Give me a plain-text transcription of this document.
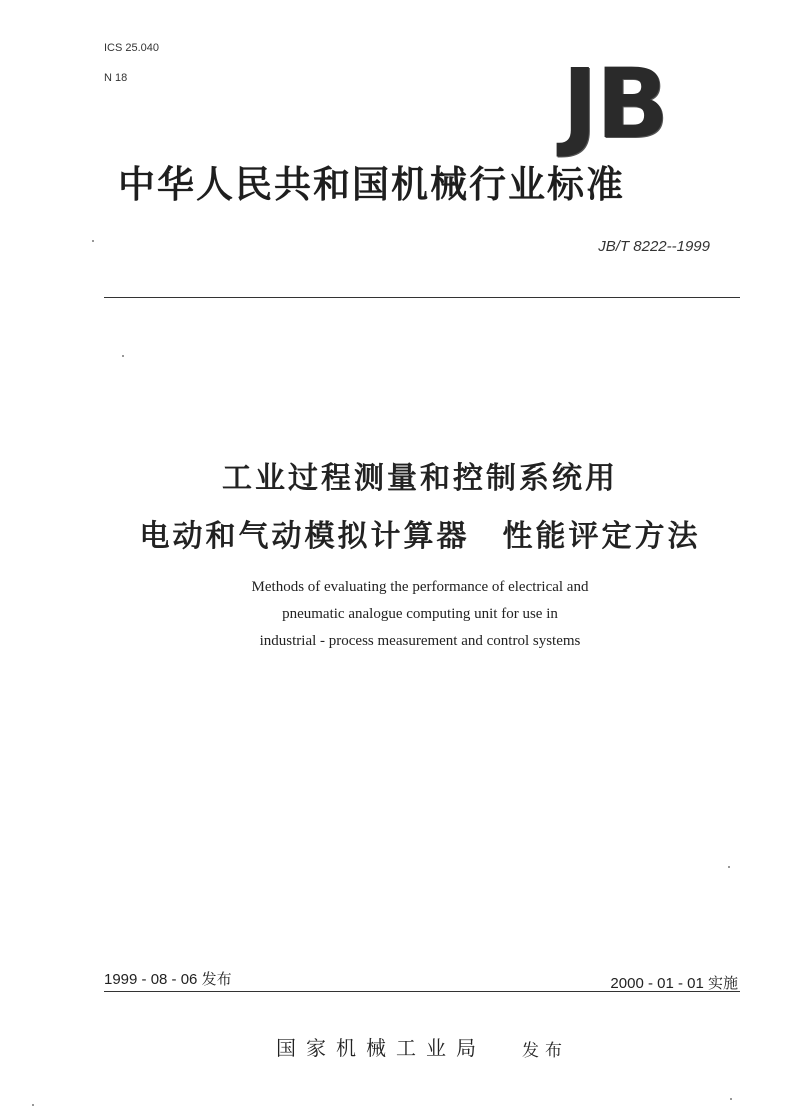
ICS 25.040
N 18	JB
中华人民共和国机械行业标准
JB/T 8222--1999
工业过程测量和控制系统用
电动和气动模拟计算器　性能评定方法
Methods of evaluating the performance of electrical and
pneumatic analogue computing unit for use in
industrial - process measurement and control systems
1999 - 08 - 06 发布	2000 - 01 - 01 实施
国家机械工业局 发布
